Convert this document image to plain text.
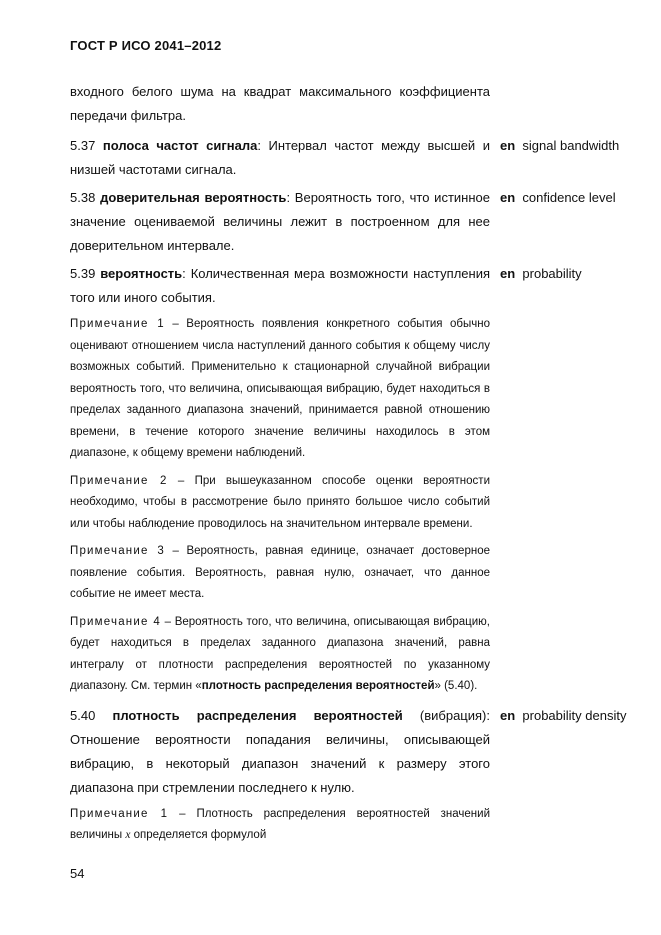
ГОСТ Р ИСО 2041–2012

входного белого шума на квадрат максимального коэффициента передачи фильтра.

5.37 полоса частот сигнала: Интервал частот между высшей и низшей частотами сигнала.

5.38 доверительная вероятность: Вероятность того, что истинное значение оцениваемой величины лежит в построенном для нее доверительном интервале.

5.39 вероятность: Количественная мера возможности наступления того или иного события.

Примечание 1 – Вероятность появления конкретного события обычно оценивают отношением числа наступлений данного события к общему числу возможных событий. Применительно к стационарной случайной вибрации вероятность того, что величина, описывающая вибрацию, будет находиться в пределах заданного диапазона значений, принимается равной отношению времени, в течение которого значение величины находилось в этом диапазоне, к общему времени наблюдений.

Примечание 2 – При вышеуказанном способе оценки вероятности необходимо, чтобы в рассмотрение было принято большое число событий или чтобы наблюдение проводилось на значительном интервале времени.

Примечание 3 – Вероятность, равная единице, означает достоверное появление события. Вероятность, равная нулю, означает, что данное событие не имеет места.

Примечание 4 – Вероятность того, что величина, описывающая вибрацию, будет находиться в пределах заданного диапазона значений, равна интегралу от плотности распределения вероятностей по указанному диапазону. См. термин «плотность распределения вероятностей» (5.40).

5.40 плотность распределения вероятностей (вибрация): Отношение вероятности попадания величины, описывающей вибрацию, в некоторый диапазон значений к размеру этого диапазона при стремлении последнего к нулю.

Примечание 1 – Плотность распределения вероятностей значений величины x определяется формулой

en signal bandwidth
en confidence level
en probability
en probability density
54
